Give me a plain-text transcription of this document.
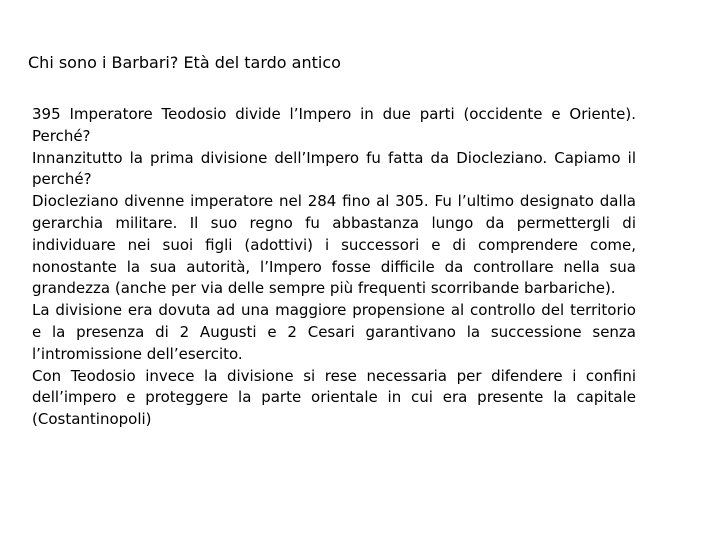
Chi sono i Barbari? Età del tardo antico

395 Imperatore Teodosio divide l’Impero in due parti (occidente e Oriente). Perché?

Innanzitutto la prima divisione dell’Impero fu fatta da Diocleziano. Capiamo il perché?

Diocleziano divenne imperatore nel 284 fino al 305. Fu l’ultimo designato dalla gerarchia militare. Il suo regno fu abbastanza lungo da permettergli di individuare nei suoi figli (adottivi) i successori e di comprendere come, nonostante la sua autorità, l’Impero fosse difficile da controllare nella sua grandezza (anche per via delle sempre più frequenti scorribande barbariche).

La divisione era dovuta ad una maggiore propensione al controllo del territorio e la presenza di 2 Augusti e 2 Cesari garantivano la successione senza l’intromissione dell’esercito.

Con Teodosio invece la divisione si rese necessaria per difendere i confini dell’impero e proteggere la parte orientale in cui era presente la capitale (Costantinopoli)
